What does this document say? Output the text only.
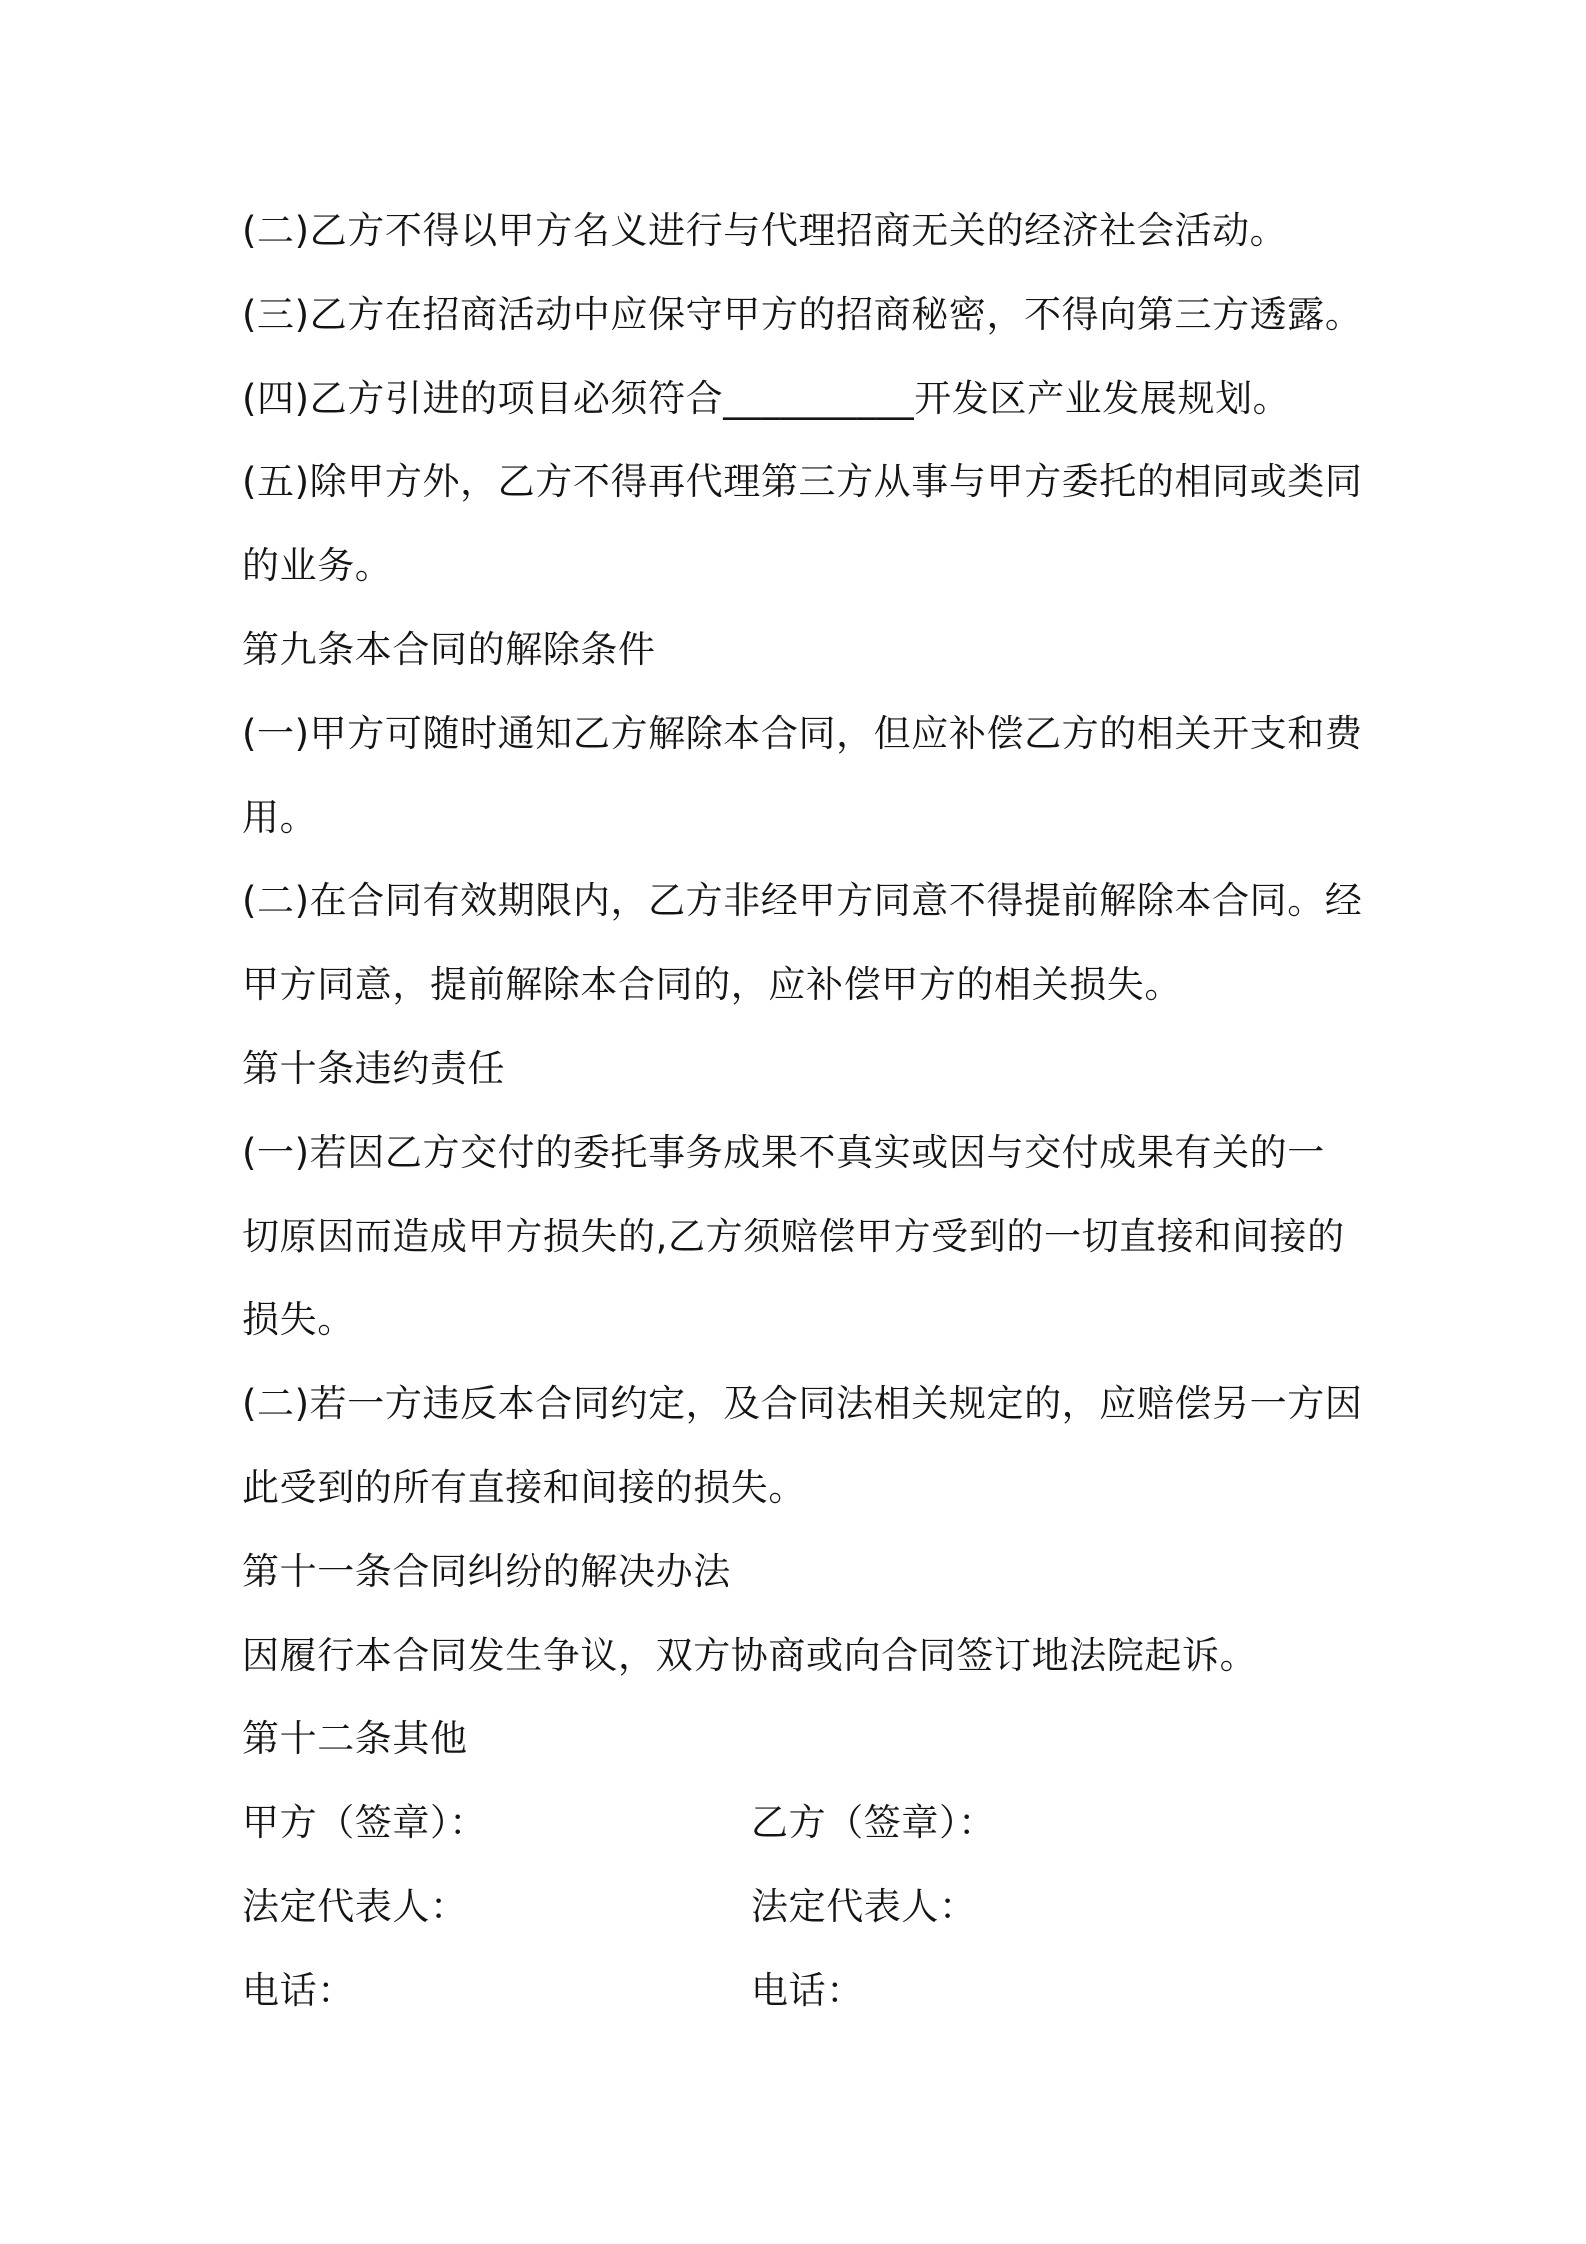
(二)乙方不得以甲方名义进行与代理招商无关的经济社会活动。
(三)乙方在招商活动中应保守甲方的招商秘密，不得向第三方透露。
(四)乙方引进的项目必须符合__________开发区产业发展规划。
(五)除甲方外，乙方不得再代理第三方从事与甲方委托的相同或类同
的业务。
第九条本合同的解除条件
(一)甲方可随时通知乙方解除本合同，但应补偿乙方的相关开支和费
用。
(二)在合同有效期限内，乙方非经甲方同意不得提前解除本合同。经
甲方同意，提前解除本合同的，应补偿甲方的相关损失。
第十条违约责任
(一)若因乙方交付的委托事务成果不真实或因与交付成果有关的一
切原因而造成甲方损失的,乙方须赔偿甲方受到的一切直接和间接的
损失。
(二)若一方违反本合同约定，及合同法相关规定的，应赔偿另一方因
此受到的所有直接和间接的损失。
第十一条合同纠纷的解决办法
因履行本合同发生争议，双方协商或向合同签订地法院起诉。
第十二条其他
甲方（签章）：	乙方（签章）：
法定代表人：	法定代表人：
电话：	电话：
